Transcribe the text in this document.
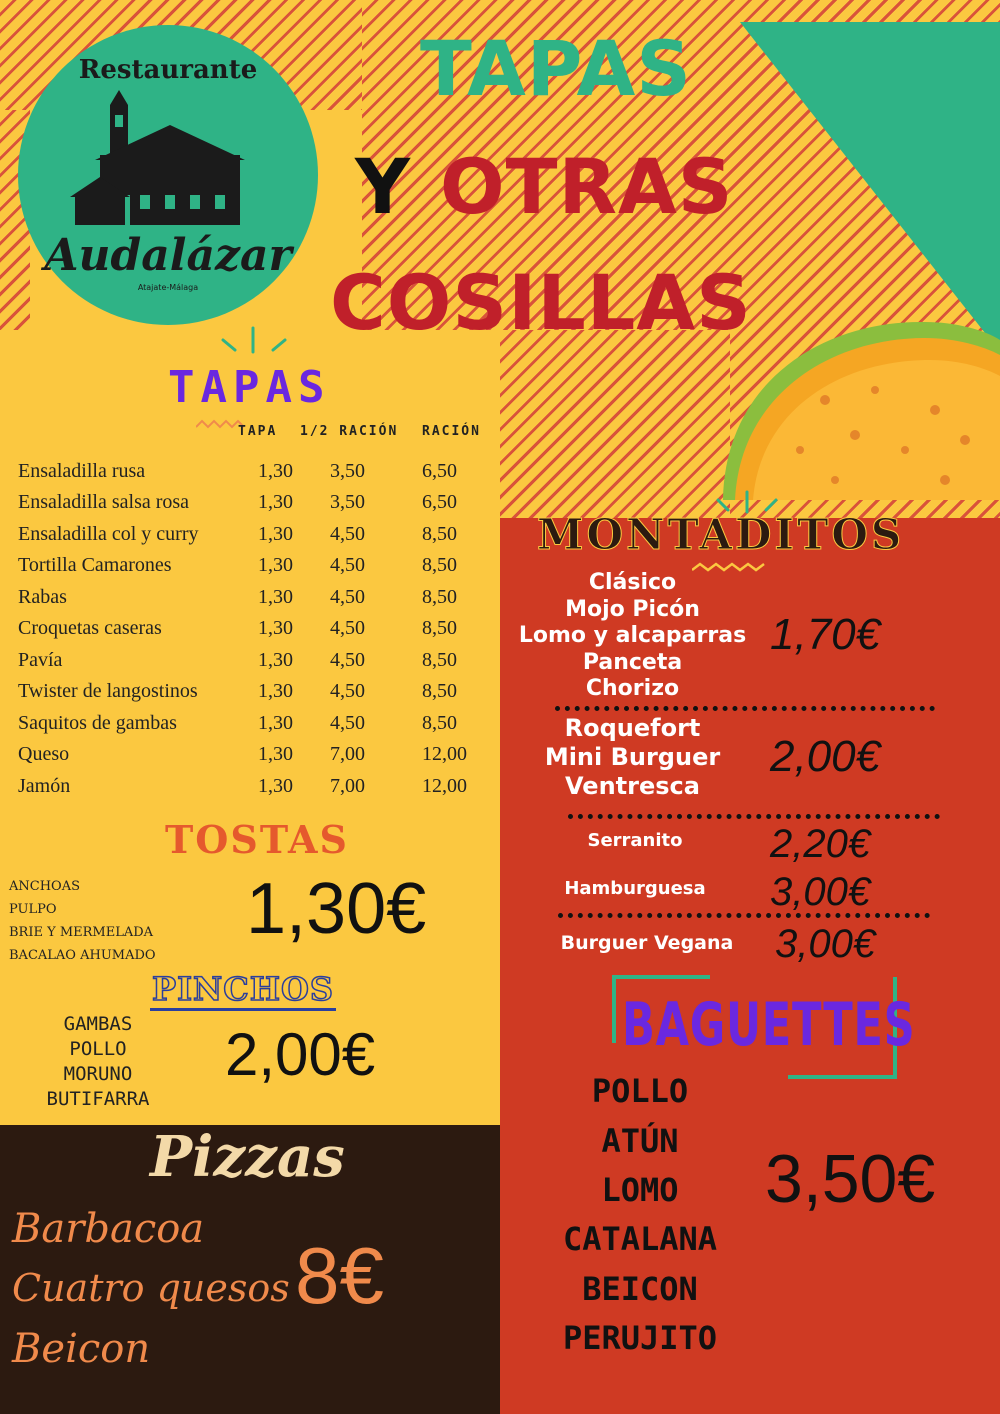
Restaurante
Audalázar
Atajate-Málaga
TAPAS
Y OTRAS
COSILLAS
TAPAS
TAPA 1/2 RACIÓN RACIÓN
Ensaladilla rusa	1,30 3,50	6,50
Ensaladilla salsa rosa	1,30 3,50	6,50
Ensaladilla col y curry	1,30 4,50	8,50
Tortilla Camarones	1,30 4,50	8,50
Rabas	1,30 4,50	8,50
Croquetas caseras	1,30 4,50	8,50
Pavía	1,30 4,50	8,50
Twister de langostinos	1,30 4,50	8,50
Saquitos de gambas	1,30 4,50	8,50
Queso	1,30 7,00	12,00
Jamón	1,30 7,00	12,00
TOSTAS
ANCHOAS
PULPO
BRIE Y MERMELADA
BACALAO AHUMADO
1,30€
PINCHOS
GAMBAS
POLLO
MORUNO
BUTIFARRA
2,00€
Pizzas
Barbacoa
Cuatro quesos
Beicon
8€
MONTADITOS
Clásico
Mojo Picón
Lomo y alcaparras
Panceta
Chorizo
1,70€
Roquefort
Mini Burguer
Ventresca
2,00€
Serranito	2,20€
Hamburguesa	3,00€
Burguer Vegana	3,00€
BAGUETTES
POLLO
ATÚN
LOMO
CATALANA
BEICON
PERUJITO
3,50€
